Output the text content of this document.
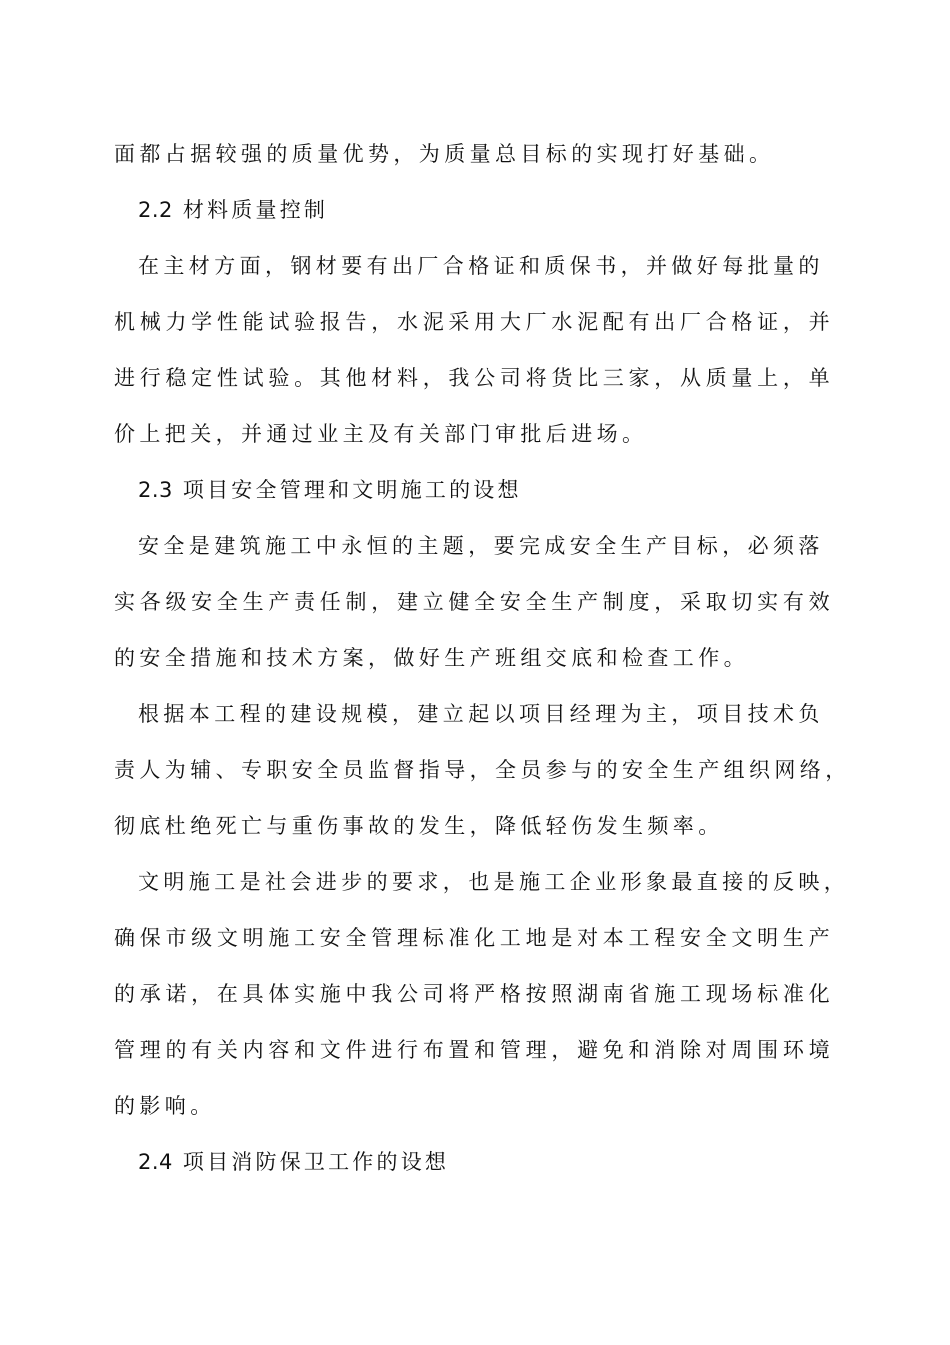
面都占据较强的质量优势，为质量总目标的实现打好基础。
2.2 材料质量控制
在主材方面，钢材要有出厂合格证和质保书，并做好每批量的
机械力学性能试验报告，水泥采用大厂水泥配有出厂合格证，并
进行稳定性试验。其他材料，我公司将货比三家，从质量上，单
价上把关，并通过业主及有关部门审批后进场。
2.3 项目安全管理和文明施工的设想
安全是建筑施工中永恒的主题，要完成安全生产目标，必须落
实各级安全生产责任制，建立健全安全生产制度，采取切实有效
的安全措施和技术方案，做好生产班组交底和检查工作。
根据本工程的建设规模，建立起以项目经理为主，项目技术负
责人为辅、专职安全员监督指导，全员参与的安全生产组织网络，
彻底杜绝死亡与重伤事故的发生，降低轻伤发生频率。
文明施工是社会进步的要求，也是施工企业形象最直接的反映，
确保市级文明施工安全管理标准化工地是对本工程安全文明生产
的承诺，在具体实施中我公司将严格按照湖南省施工现场标准化
管理的有关内容和文件进行布置和管理，避免和消除对周围环境
的影响。
2.4 项目消防保卫工作的设想
